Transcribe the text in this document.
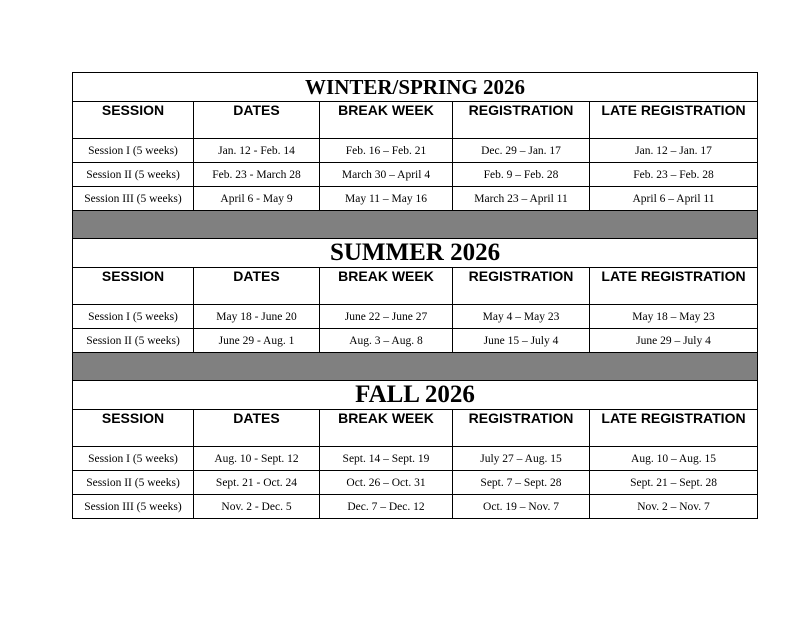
WINTER/SPRING 2026				
SESSION	DATES	BREAK WEEK	REGISTRATION	LATE REGISTRATION
Session I (5 weeks)	Jan. 12 - Feb. 14	Feb. 16 – Feb. 21	Dec. 29 – Jan. 17	Jan. 12 – Jan. 17
Session II (5 weeks)	Feb. 23 - March 28	March 30 – April 4	Feb. 9 – Feb. 28	Feb. 23 – Feb. 28
Session III (5 weeks)	April 6 - May 9	May 11 – May 16	March 23 – April 11	April 6 – April 11

SUMMER 2026				
SESSION	DATES	BREAK WEEK	REGISTRATION	LATE REGISTRATION
Session I (5 weeks)	May 18 - June 20	June 22 – June 27	May 4 – May 23	May 18 – May 23
Session II (5 weeks)	June 29 - Aug. 1	Aug. 3 – Aug. 8	June 15 – July 4	June 29 – July 4

FALL 2026				
SESSION	DATES	BREAK WEEK	REGISTRATION	LATE REGISTRATION
Session I (5 weeks)	Aug. 10 - Sept. 12	Sept. 14 – Sept. 19	July 27 – Aug. 15	Aug. 10 – Aug. 15
Session II (5 weeks)	Sept. 21 - Oct. 24	Oct. 26 – Oct. 31	Sept. 7 – Sept. 28	Sept. 21 – Sept. 28
Session III (5 weeks)	Nov. 2 - Dec. 5	Dec. 7 – Dec. 12	Oct. 19 – Nov. 7	Nov. 2 – Nov. 7
